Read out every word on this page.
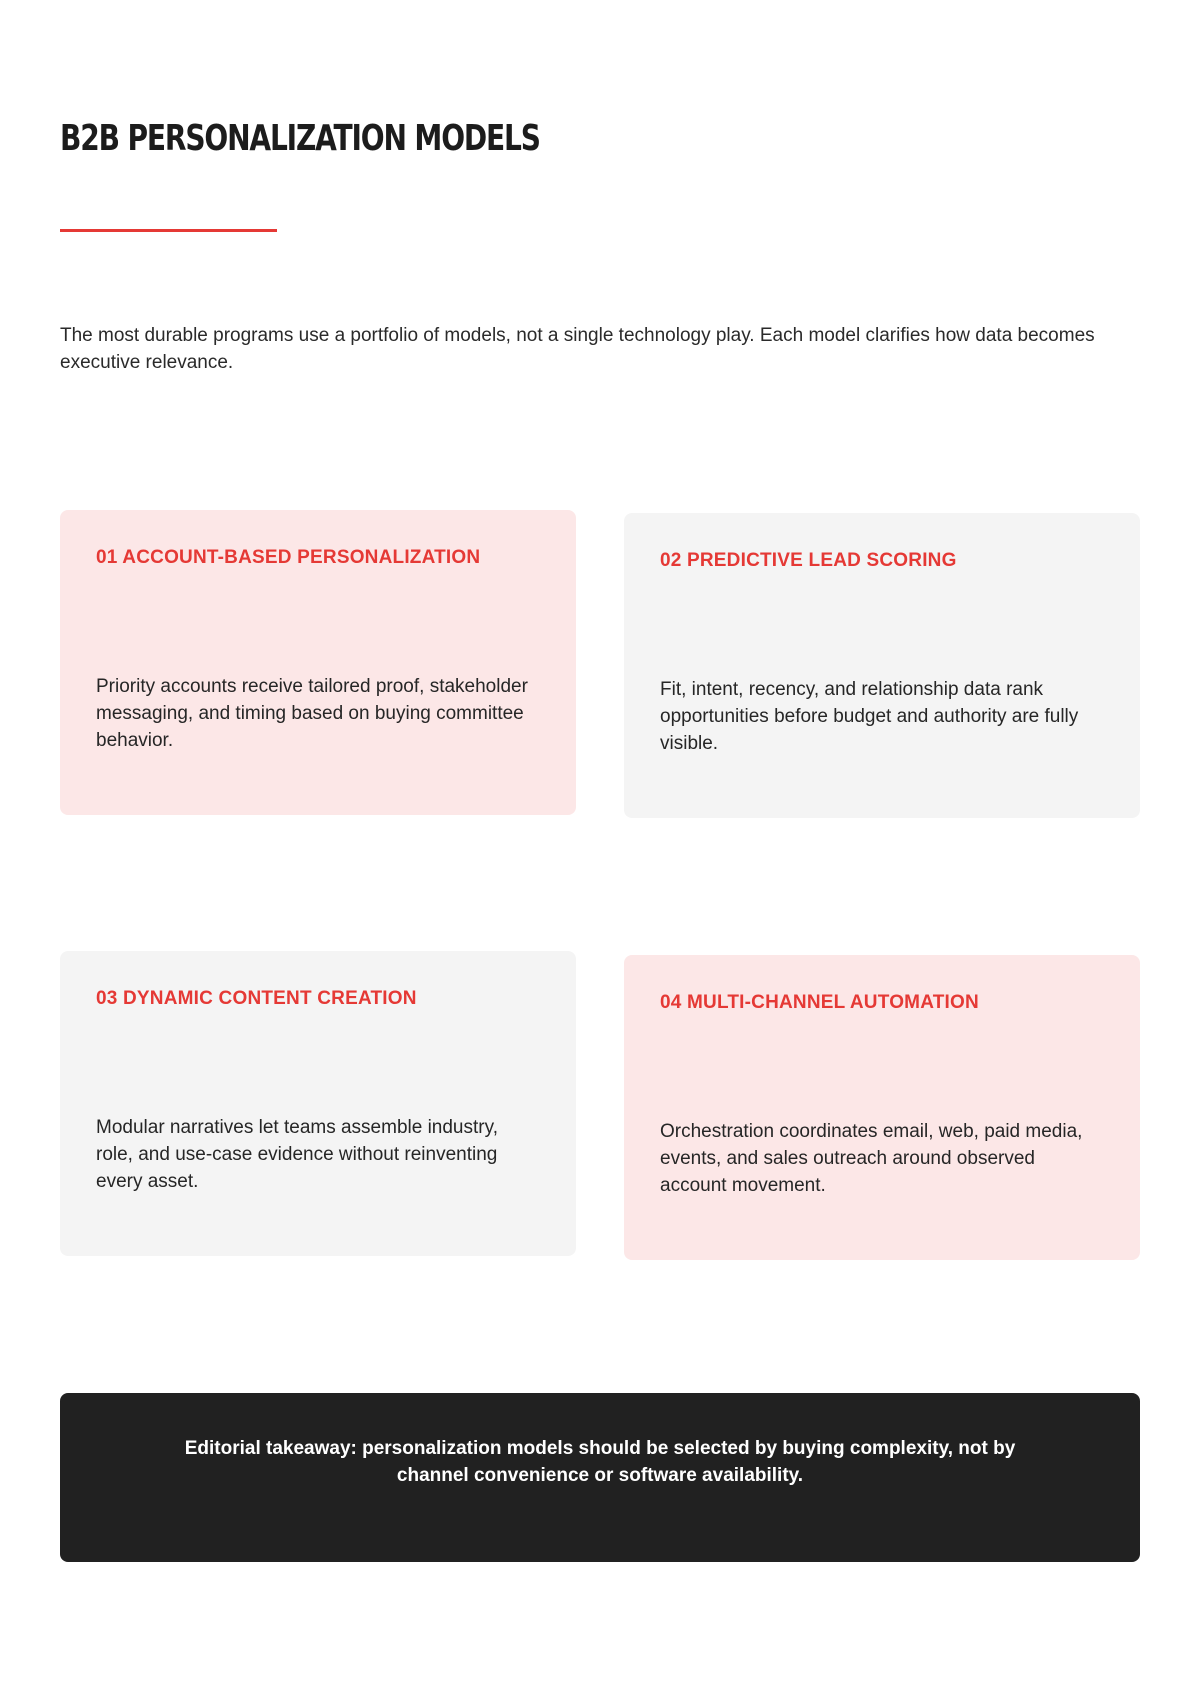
B2B PERSONALIZATION MODELS

The most durable programs use a portfolio of models, not a single technology play. Each model clarifies how data becomes executive relevance.

01 ACCOUNT-BASED PERSONALIZATION

Priority accounts receive tailored proof, stakeholder messaging, and timing based on buying committee behavior.

02 PREDICTIVE LEAD SCORING

Fit, intent, recency, and relationship data rank opportunities before budget and authority are fully visible.

03 DYNAMIC CONTENT CREATION

Modular narratives let teams assemble industry, role, and use-case evidence without reinventing every asset.

04 MULTI-CHANNEL AUTOMATION

Orchestration coordinates email, web, paid media, events, and sales outreach around observed account movement.

Editorial takeaway: personalization models should be selected by buying complexity, not by channel convenience or software availability.
